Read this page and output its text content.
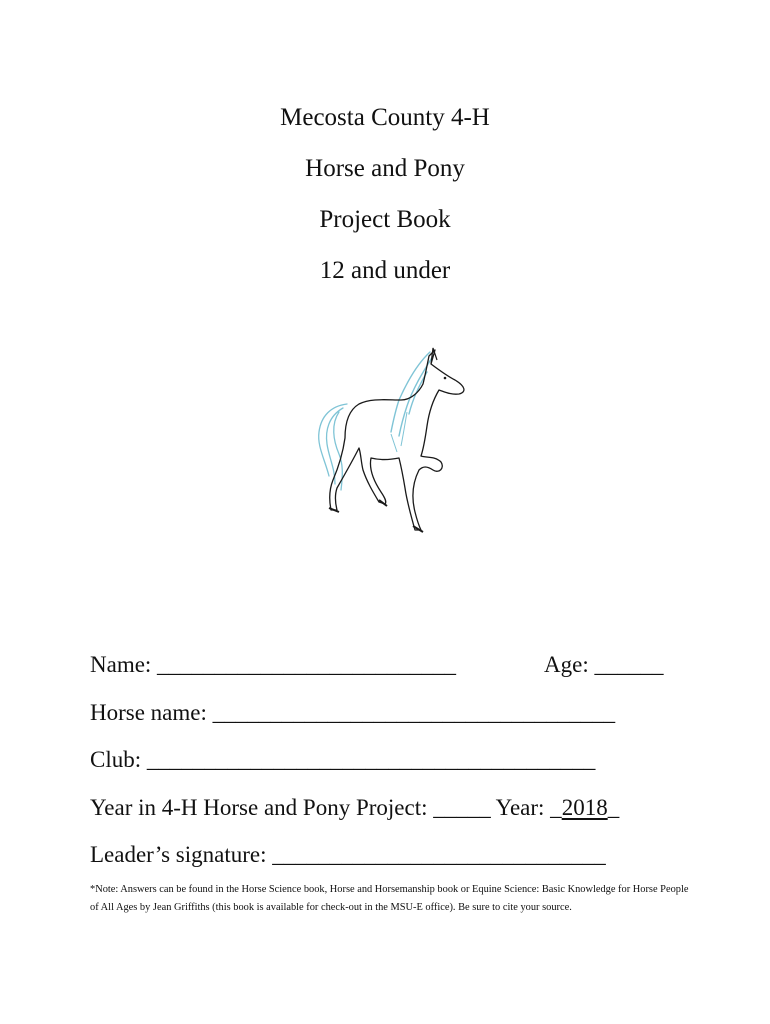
Mecosta County 4-H
Horse and Pony
Project Book
12 and under
Name: __________________________	Age: ______
Horse name: ___________________________________
Club: _______________________________________
Year in 4-H Horse and Pony Project: _____ Year: _2018_
Leader’s signature: _____________________________
*Note: Answers can be found in the Horse Science book, Horse and Horsemanship book or Equine Science: Basic Knowledge for Horse People of All Ages by Jean Griffiths (this book is available for check-out in the MSU-E office). Be sure to cite your source.
